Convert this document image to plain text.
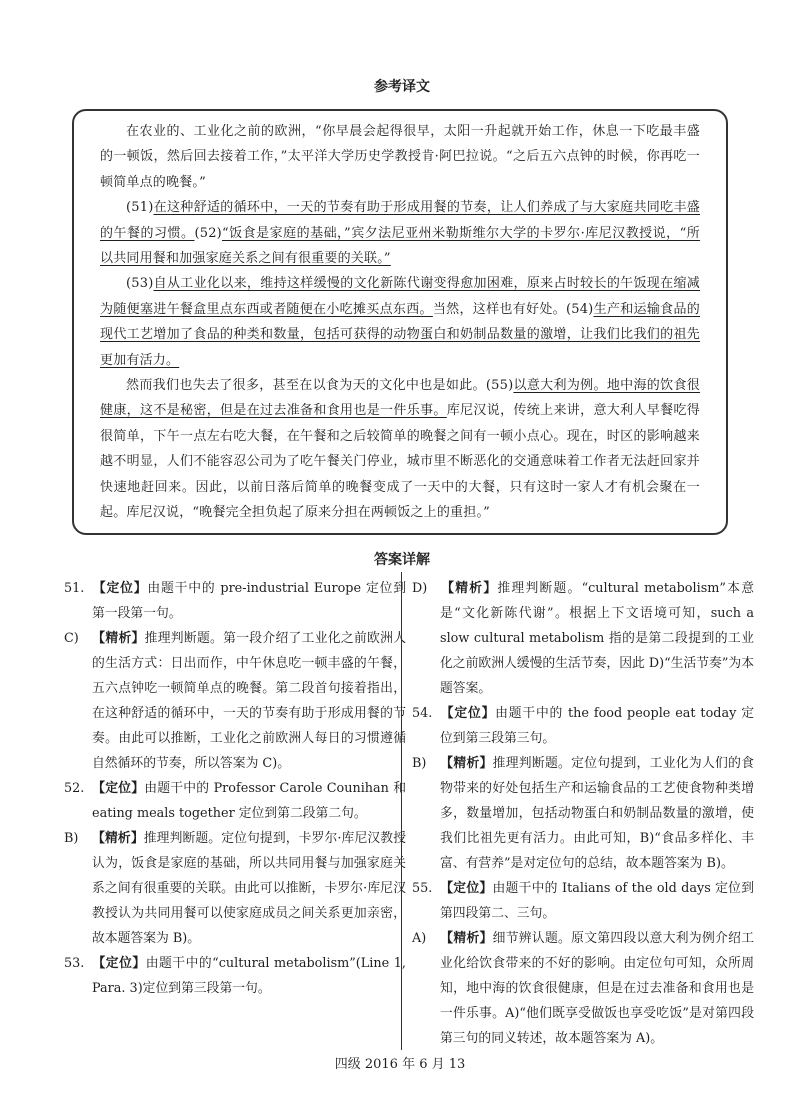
参考译文

在农业的、工业化之前的欧洲，“你早晨会起得很早，太阳一升起就开始工作，休息一下吃最丰盛的一顿饭，然后回去接着工作，”太平洋大学历史学教授肯·阿巴拉说。“之后五六点钟的时候，你再吃一顿简单点的晚餐。”

(51)在这种舒适的循环中，一天的节奏有助于形成用餐的节奏，让人们养成了与大家庭共同吃丰盛的午餐的习惯。(52)“饭食是家庭的基础，”宾夕法尼亚州米勒斯维尔大学的卡罗尔·库尼汉教授说，“所以共同用餐和加强家庭关系之间有很重要的关联。”

(53)自从工业化以来，维持这样缓慢的文化新陈代谢变得愈加困难，原来占时较长的午饭现在缩减为随便塞进午餐盒里点东西或者随便在小吃摊买点东西。当然，这样也有好处。(54)生产和运输食品的现代工艺增加了食品的种类和数量，包括可获得的动物蛋白和奶制品数量的激增，让我们比我们的祖先更加有活力。

然而我们也失去了很多，甚至在以食为天的文化中也是如此。(55)以意大利为例。地中海的饮食很健康，这不是秘密，但是在过去准备和食用也是一件乐事。库尼汉说，传统上来讲，意大利人早餐吃得很简单，下午一点左右吃大餐，在午餐和之后较简单的晚餐之间有一顿小点心。现在，时区的影响越来越不明显，人们不能容忍公司为了吃午餐关门停业，城市里不断恶化的交通意味着工作者无法赶回家并快速地赶回来。因此，以前日落后简单的晚餐变成了一天中的大餐，只有这时一家人才有机会聚在一起。库尼汉说，“晚餐完全担负起了原来分担在两顿饭之上的重担。”

答案详解

51. 【定位】由题干中的 pre-industrial Europe 定位到第一段第一句。

C) 【精析】推理判断题。第一段介绍了工业化之前欧洲人的生活方式：日出而作，中午休息吃一顿丰盛的午餐，五六点钟吃一顿简单点的晚餐。第二段首句接着指出，在这种舒适的循环中，一天的节奏有助于形成用餐的节奏。由此可以推断，工业化之前欧洲人每日的习惯遵循自然循环的节奏，所以答案为 C)。

52. 【定位】由题干中的 Professor Carole Counihan 和 eating meals together 定位到第二段第二句。

B) 【精析】推理判断题。定位句提到，卡罗尔·库尼汉教授认为，饭食是家庭的基础，所以共同用餐与加强家庭关系之间有很重要的关联。由此可以推断，卡罗尔·库尼汉教授认为共同用餐可以使家庭成员之间关系更加亲密，故本题答案为 B)。

53. 【定位】由题干中的“cultural metabolism”(Line 1, Para. 3)定位到第三段第一句。

D) 【精析】推理判断题。“cultural metabolism”本意是“文化新陈代谢”。根据上下文语境可知，such a slow cultural metabolism 指的是第二段提到的工业化之前欧洲人缓慢的生活节奏，因此 D)“生活节奏”为本题答案。

54. 【定位】由题干中的 the food people eat today 定位到第三段第三句。

B) 【精析】推理判断题。定位句提到，工业化为人们的食物带来的好处包括生产和运输食品的工艺使食物种类增多，数量增加，包括动物蛋白和奶制品数量的激增，使我们比祖先更有活力。由此可知，B)“食品多样化、丰富、有营养”是对定位句的总结，故本题答案为 B)。

55. 【定位】由题干中的 Italians of the old days 定位到第四段第二、三句。

A) 【精析】细节辨认题。原文第四段以意大利为例介绍工业化给饮食带来的不好的影响。由定位句可知，众所周知，地中海的饮食很健康，但是在过去准备和食用也是一件乐事。A)“他们既享受做饭也享受吃饭”是对第四段第三句的同义转述，故本题答案为 A)。

四级 2016 年 6 月 13
